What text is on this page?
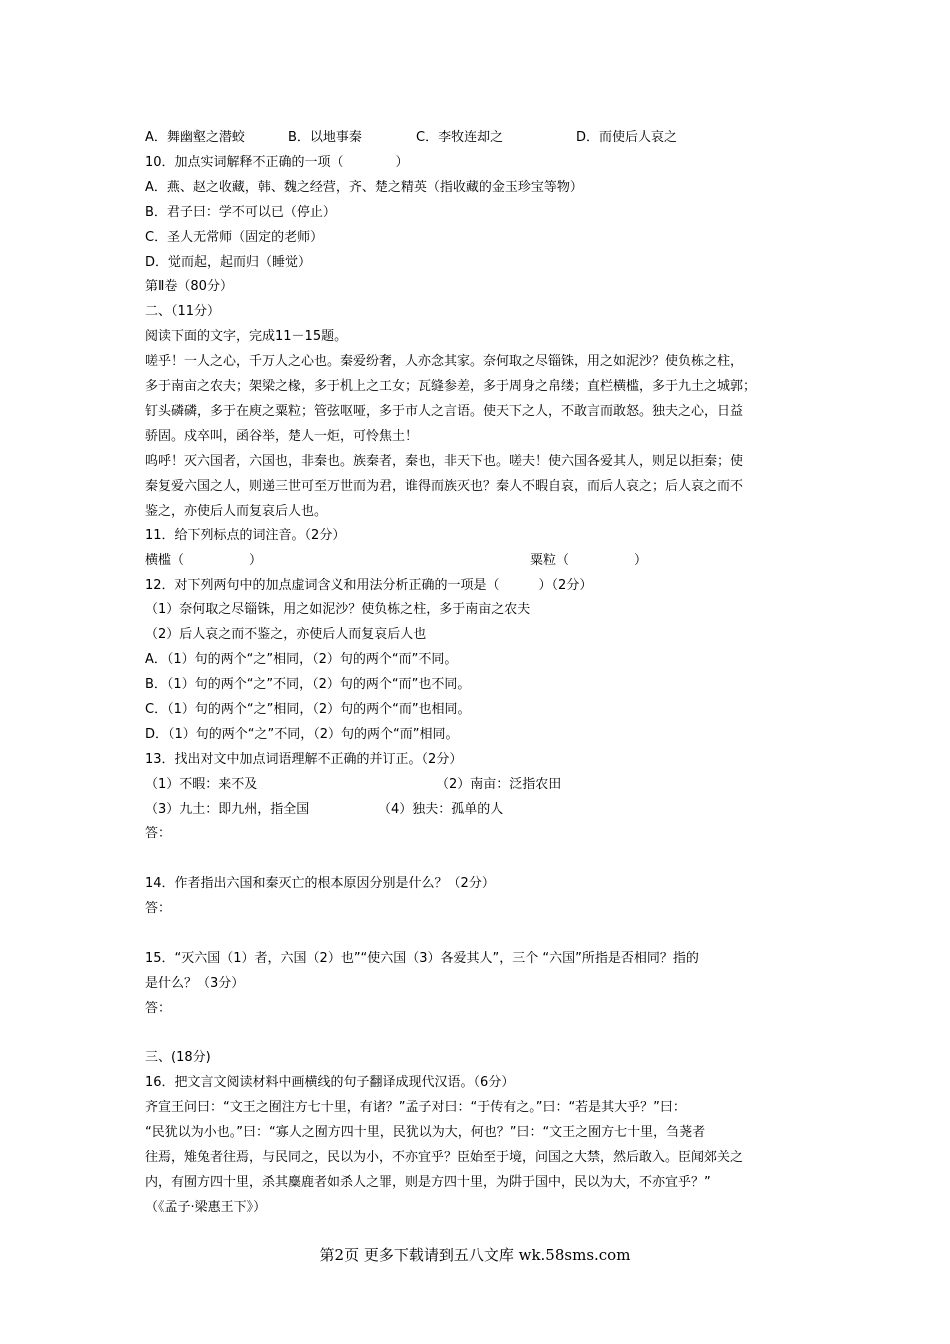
A．舞幽壑之潜蛟	B．以地事秦	C．李牧连却之	D．而使后人哀之
10．加点实词解释不正确的一项（　　　　）
A．燕、赵之收藏，韩、魏之经营，齐、楚之精英（指收藏的金玉珍宝等物）
B．君子曰：学不可以已（停止）
C．圣人无常师（固定的老师）
D．觉而起，起而归（睡觉）
第Ⅱ卷（80分）
二、（11分）
阅读下面的文字，完成11－15题。
嗟乎！一人之心，千万人之心也。秦爱纷奢，人亦念其家。奈何取之尽锱铢，用之如泥沙？使负栋之柱，
多于南亩之农夫；架梁之椽，多于机上之工女；瓦缝参差，多于周身之帛缕；直栏横槛，多于九土之城郭；
钉头磷磷，多于在庾之粟粒；管弦呕哑，多于市人之言语。使天下之人，不敢言而敢怒。独夫之心，日益
骄固。戍卒叫，函谷举，楚人一炬，可怜焦土！
呜呼！灭六国者，六国也，非秦也。族秦者，秦也，非天下也。嗟夫！使六国各爱其人，则足以拒秦；使
秦复爱六国之人，则递三世可至万世而为君，谁得而族灭也？秦人不暇自哀，而后人哀之；后人哀之而不
鉴之，亦使后人而复哀后人也。
11．给下列标点的词注音。（2分）
横槛（　　　　　）	粟粒（　　　　　）
12．对下列两句中的加点虚词含义和用法分析正确的一项是（　　　）（2分）
（1）奈何取之尽锱铢，用之如泥沙？使负栋之柱，多于南亩之农夫
（2）后人哀之而不鉴之，亦使后人而复哀后人也
A．（1）句的两个“之”相同，（2）句的两个“而”不同。
B．（1）句的两个“之”不同，（2）句的两个“而”也不同。
C．（1）句的两个“之”相同，（2）句的两个“而”也相同。
D．（1）句的两个“之”不同，（2）句的两个“而”相同。
13．找出对文中加点词语理解不正确的并订正。（2分）
（1）不暇：来不及	（2）南亩：泛指农田
（3）九土：即九州，指全国	（4）独夫：孤单的人
答：
14．作者指出六国和秦灭亡的根本原因分别是什么？（2分）
答：
15．“灭六国（1）者，六国（2）也”“使六国（3）各爱其人”，三个 “六国”所指是否相同？指的
是什么？（3分）
答：
三、(18分)
16．把文言文阅读材料中画横线的句子翻译成现代汉语。（6分）
齐宣王问曰：“文王之囿注方七十里，有诸？”孟子对曰：“于传有之。”曰：“若是其大乎？”曰：
“民犹以为小也。”曰：“寡人之囿方四十里，民犹以为大，何也？”曰：“文王之囿方七十里，刍荛者
往焉，雉兔者往焉，与民同之，民以为小，不亦宜乎？臣始至于境，问国之大禁，然后敢入。臣闻郊关之
内，有囿方四十里，杀其麋鹿者如杀人之罪，则是方四十里，为阱于国中，民以为大，不亦宜乎？”
（《孟子·梁惠王下》）
第2页 更多下载请到五八文库 wk.58sms.com
